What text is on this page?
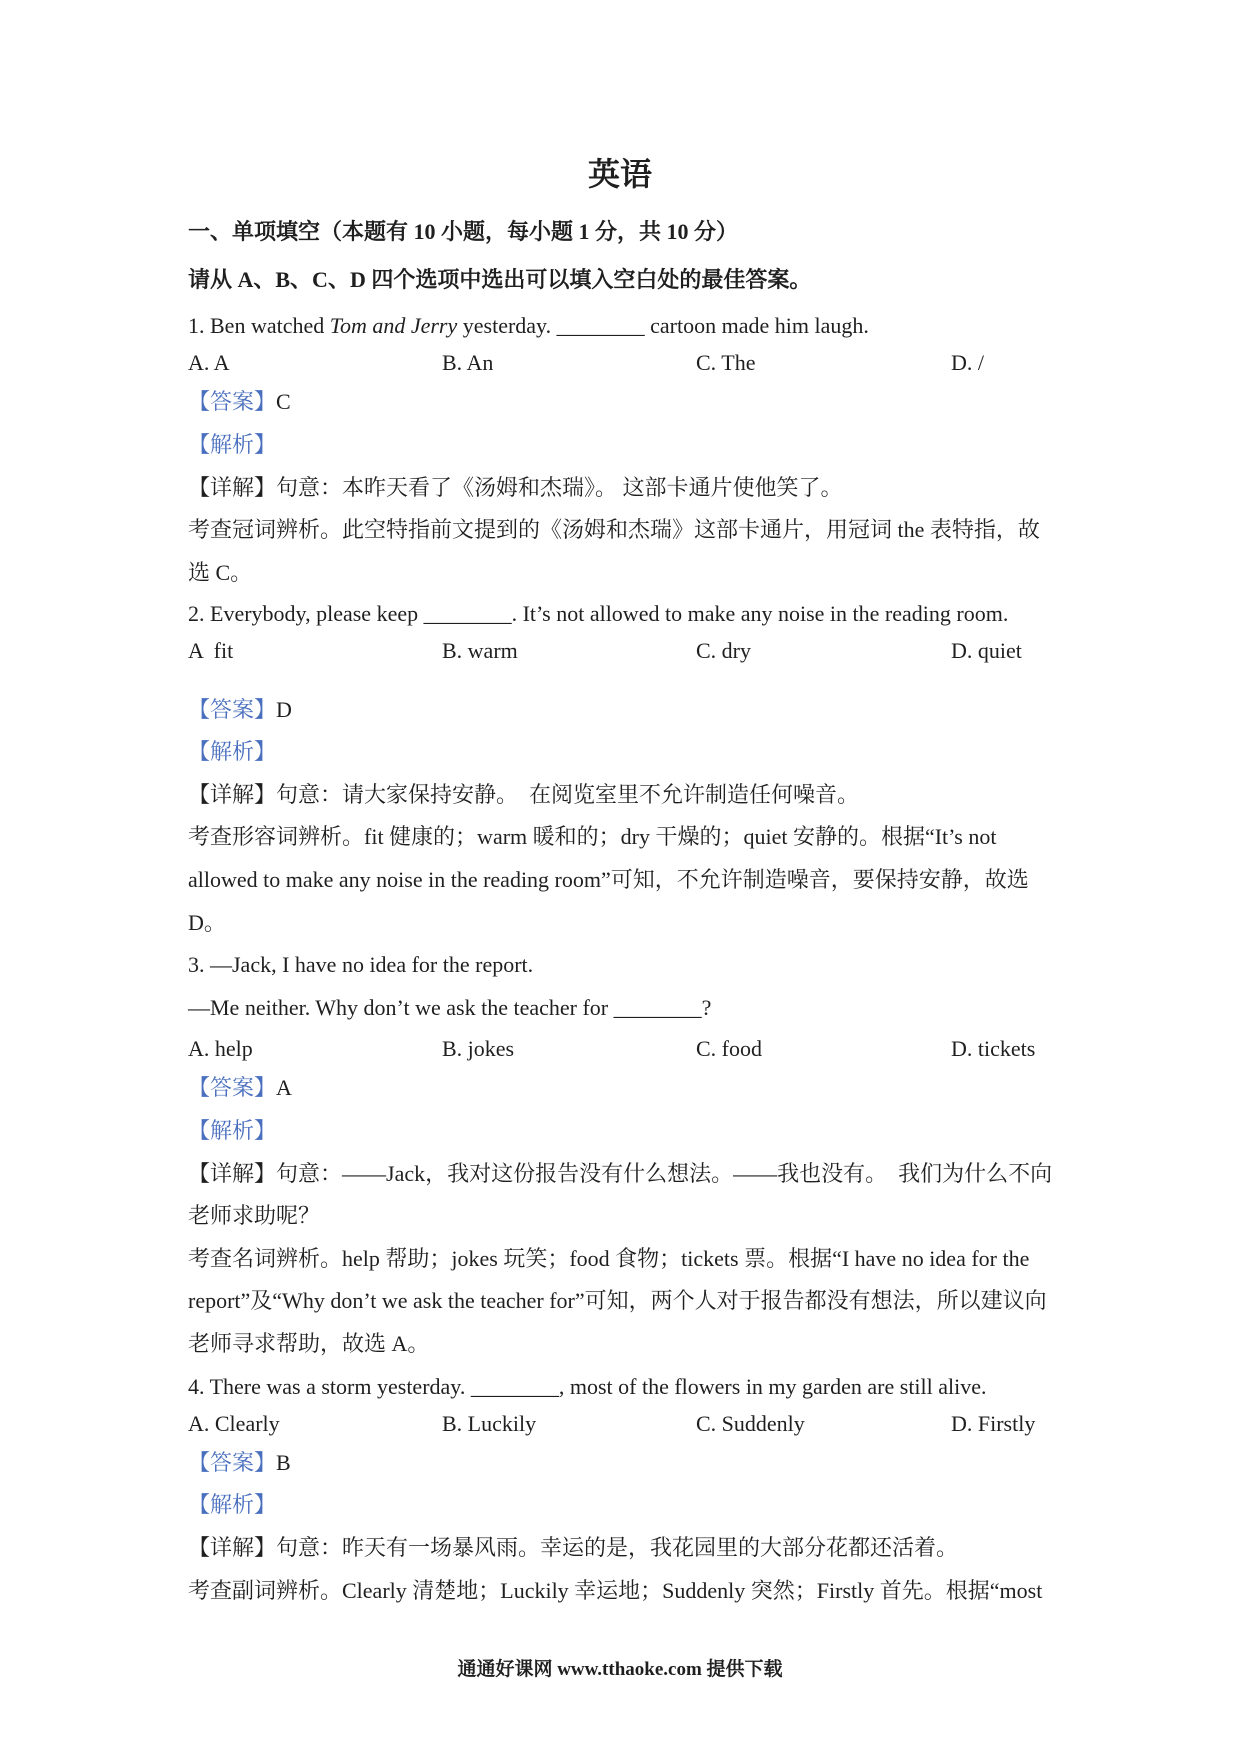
英语
一、单项填空（本题有 10 小题，每小题 1 分，共 10 分）
请从 A、B、C、D 四个选项中选出可以填入空白处的最佳答案。
1. Ben watched Tom and Jerry yesterday. ________ cartoon made him laugh.

A. A

	B. An

	C. The

	D. /

【答案】C
【解析】
【详解】句意：本昨天看了《汤姆和杰瑞》。 这部卡通片使他笑了。
考查冠词辨析。此空特指前文提到的《汤姆和杰瑞》这部卡通片，用冠词 the 表特指，故
选 C。
2. Everybody, please keep ________. It’s not allowed to make any noise in the reading room.

A  fit

	B. warm

	C. dry

	D. quiet

【答案】D
【解析】
【详解】句意：请大家保持安静。  在阅览室里不允许制造任何噪音。
考查形容词辨析。fit 健康的；warm 暖和的；dry 干燥的；quiet 安静的。根据“It’s not
allowed to make any noise in the reading room”可知，不允许制造噪音，要保持安静，故选
D。
3. —Jack, I have no idea for the report.
—Me neither. Why don’t we ask the teacher for ________?

A. help

	B. jokes

	C. food

	D. tickets

【答案】A
【解析】
【详解】句意：——Jack，我对这份报告没有什么想法。——我也没有。  我们为什么不向
老师求助呢？
考查名词辨析。help 帮助；jokes 玩笑；food 食物；tickets 票。根据“I have no idea for the
report”及“Why don’t we ask the teacher for”可知，两个人对于报告都没有想法，所以建议向
老师寻求帮助，故选 A。
4. There was a storm yesterday. ________, most of the flowers in my garden are still alive.

A. Clearly

	B. Luckily

	C. Suddenly

	D. Firstly

【答案】B
【解析】
【详解】句意：昨天有一场暴风雨。幸运的是，我花园里的大部分花都还活着。
考查副词辨析。Clearly 清楚地；Luckily 幸运地；Suddenly 突然；Firstly 首先。根据“most
通通好课网 www.tthaoke.com 提供下载
